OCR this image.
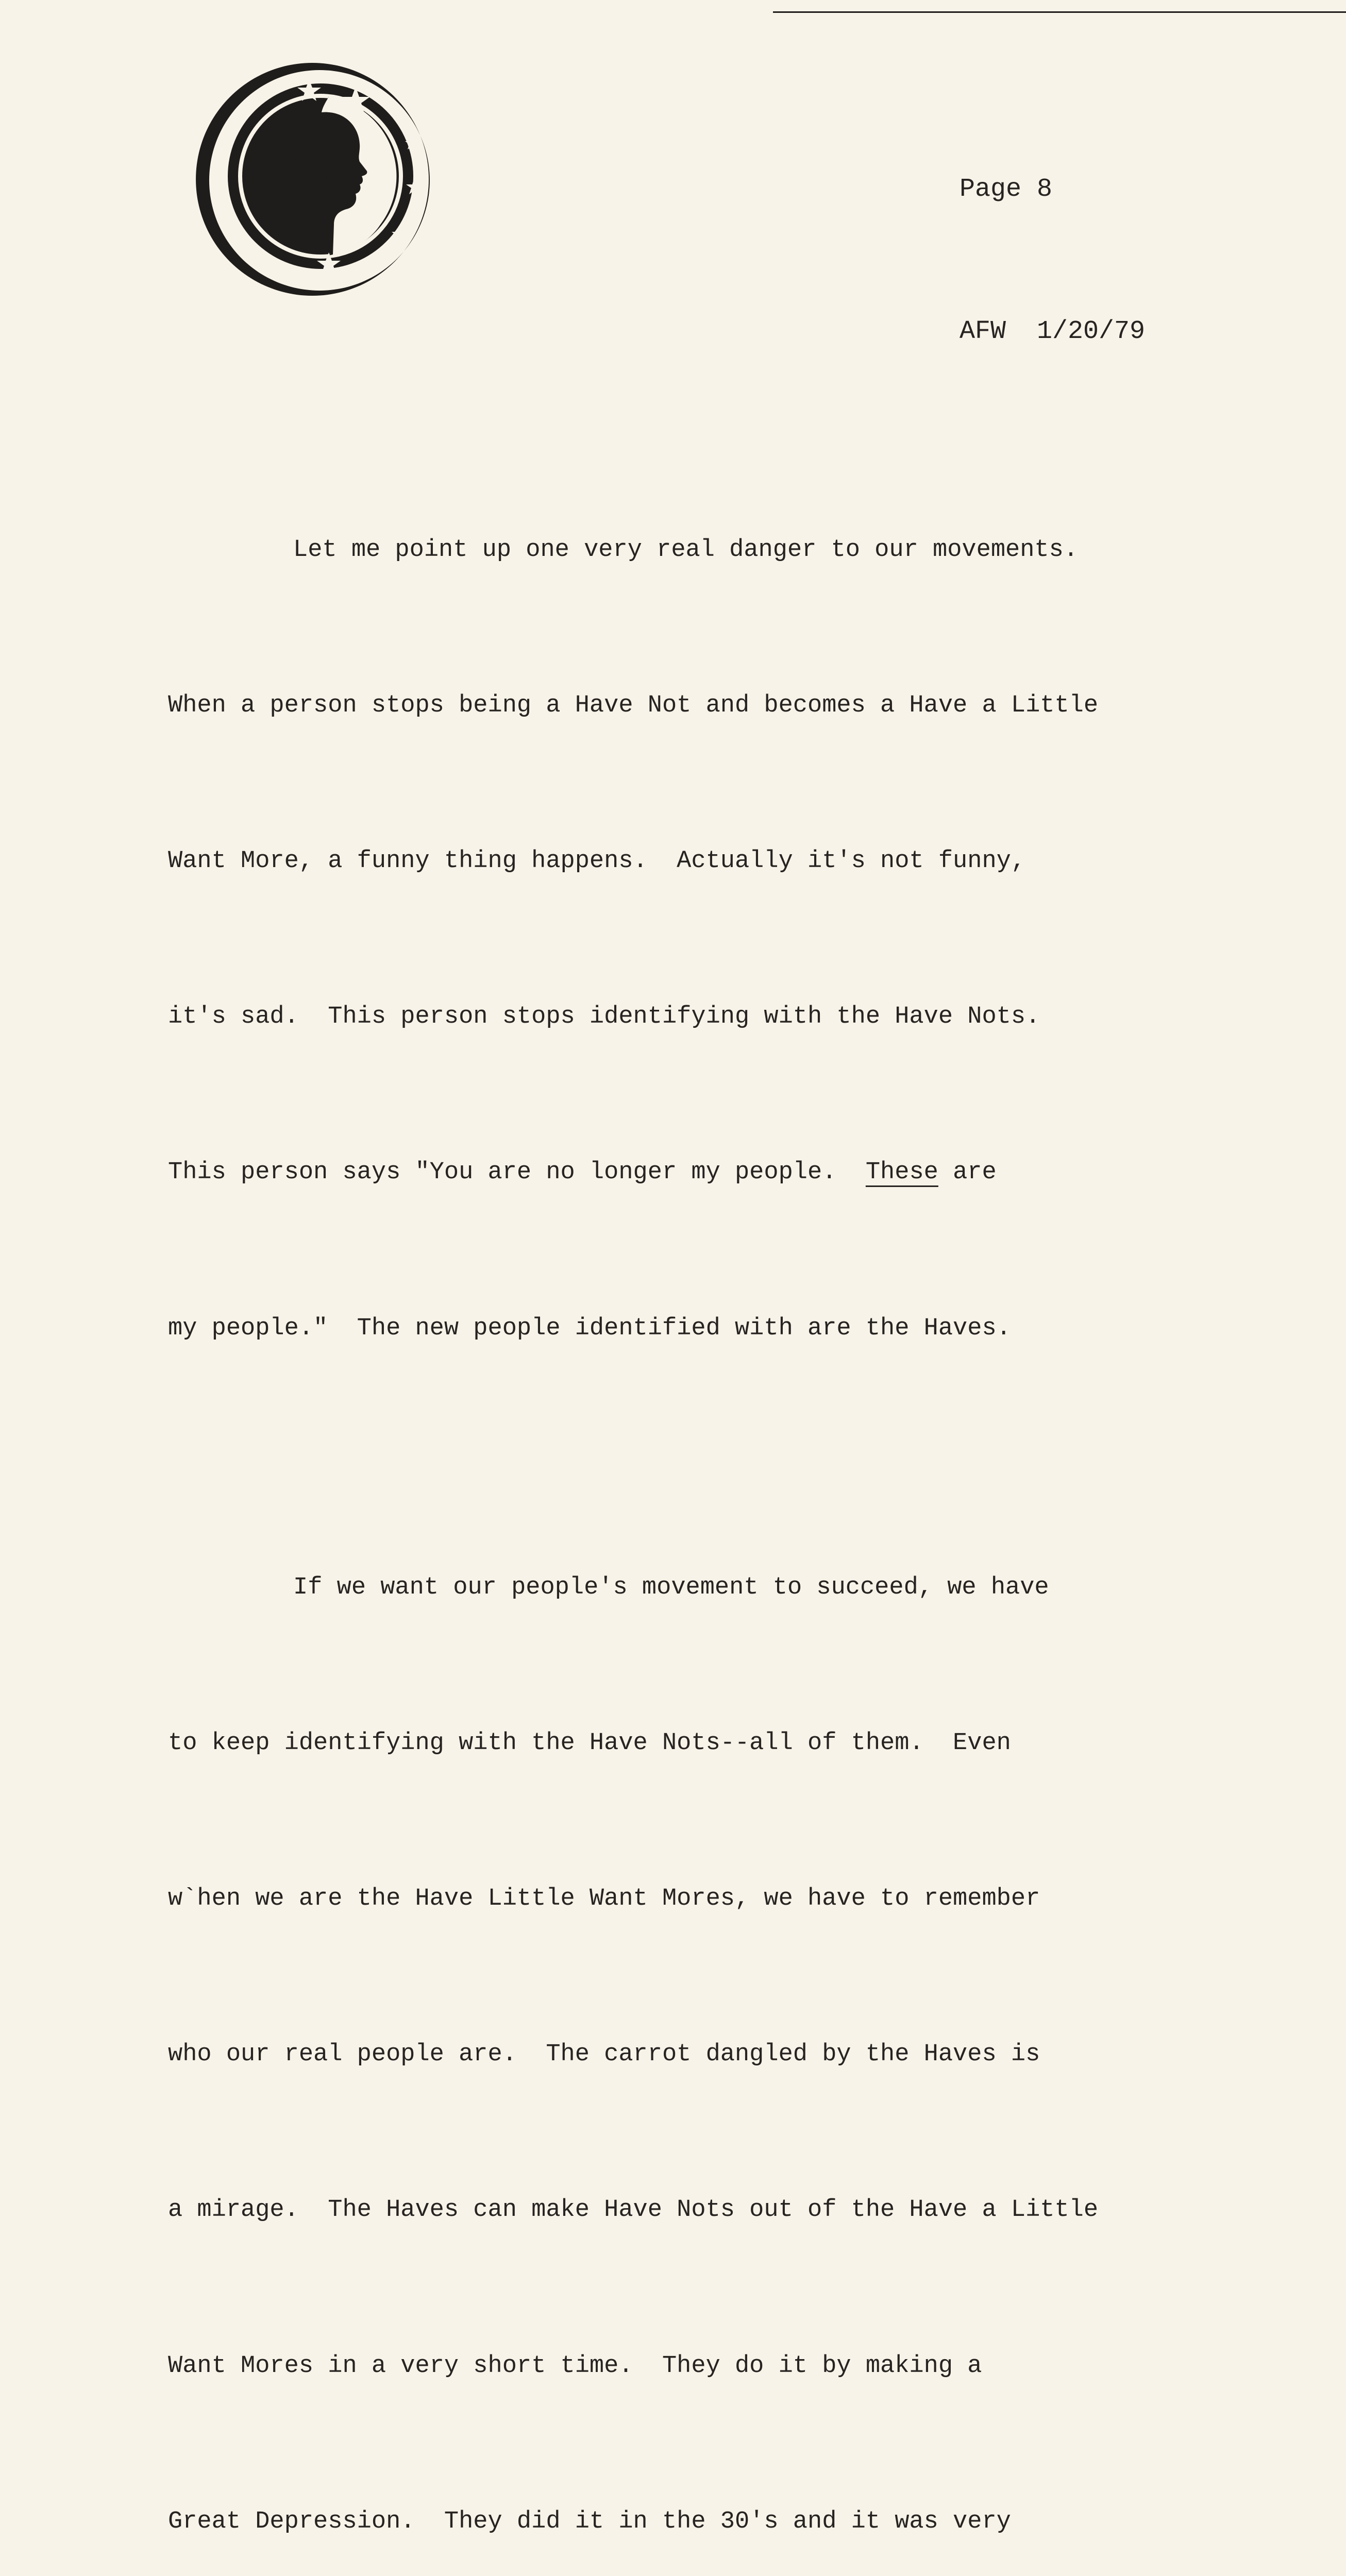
Page 8

AFW  1/20/79

Let me point up one very real danger to our movements.

When a person stops being a Have Not and becomes a Have a Little

Want More, a funny thing happens.  Actually it's not funny,

it's sad.  This person stops identifying with the Have Nots.

This person says "You are no longer my people. These are

my people."  The new people identified with are the Haves.

If we want our people's movement to succeed, we have

to keep identifying with the Have Nots--all of them.  Even

w`hen we are the Have Little Want Mores, we have to remember

who our real people are.  The carrot dangled by the Haves is

a mirage.  The Haves can make Have Nots out of the Have a Little

Want Mores in a very short time.  They do it by making a

Great Depression.  They did it in the 30's and it was very
